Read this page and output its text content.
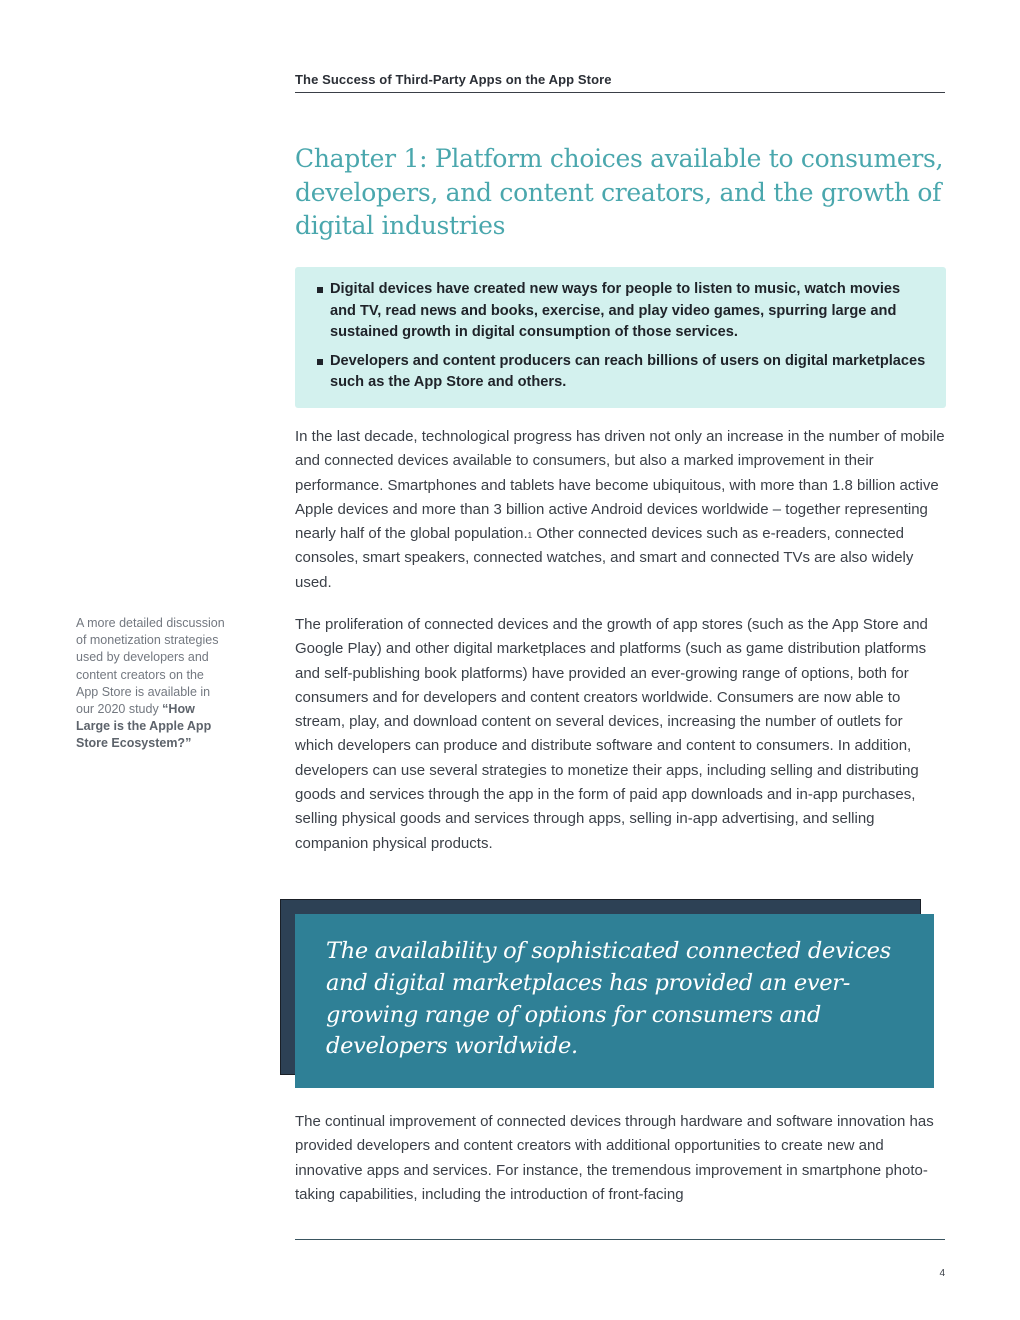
The Success of Third-Party Apps on the App Store
Chapter 1: Platform choices available to consumers, developers, and content creators, and the growth of digital industries
Digital devices have created new ways for people to listen to music, watch movies and TV, read news and books, exercise, and play video games, spurring large and sustained growth in digital consumption of those services.
Developers and content producers can reach billions of users on digital marketplaces such as the App Store and others.

In the last decade, technological progress has driven not only an increase in the number of mobile and connected devices available to consumers, but also a marked improvement in their performance. Smartphones and tablets have become ubiquitous, with more than 1.8 billion active Apple devices and more than 3 billion active Android devices worldwide – together representing nearly half of the global population.$^1$ Other connected devices such as e-readers, connected consoles, smart speakers, connected watches, and smart and connected TVs are also widely used.

A more detailed discussion of monetization strategies used by developers and content creators on the App Store is available in our 2020 study “How Large is the Apple App Store Ecosystem?”

The proliferation of connected devices and the growth of app stores (such as the App Store and Google Play) and other digital marketplaces and platforms (such as game distribution platforms and self-publishing book platforms) have provided an ever-growing range of options, both for consumers and for developers and content creators worldwide. Consumers are now able to stream, play, and download content on several devices, increasing the number of outlets for which developers can produce and distribute software and content to consumers. In addition, developers can use several strategies to monetize their apps, including selling and distributing goods and services through the app in the form of paid app downloads and in-app purchases, selling physical goods and services through apps, selling in-app advertising, and selling companion physical products.

The availability of sophisticated connected devices and digital marketplaces has provided an ever-growing range of options for consumers and developers worldwide.

The continual improvement of connected devices through hardware and software innovation has provided developers and content creators with additional opportunities to create new and innovative apps and services. For instance, the tremendous improvement in smartphone photo-taking capabilities, including the introduction of front-facing

4
